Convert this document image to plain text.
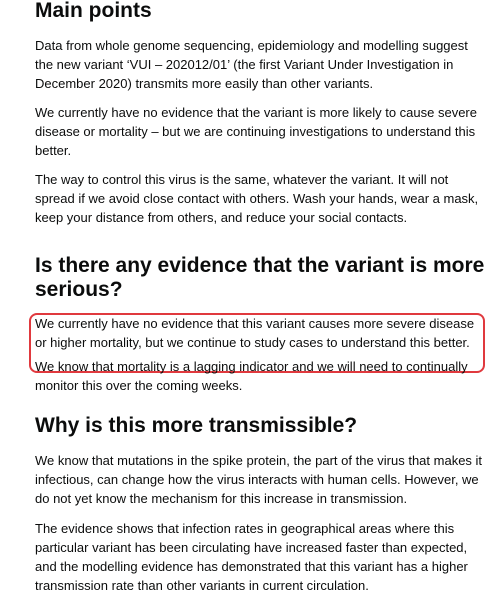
Main points

Data from whole genome sequencing, epidemiology and modelling suggest the new variant ‘VUI – 202012/01’ (the first Variant Under Investigation in December 2020) transmits more easily than other variants.

We currently have no evidence that the variant is more likely to cause severe disease or mortality – but we are continuing investigations to understand this better.

The way to control this virus is the same, whatever the variant. It will not spread if we avoid close contact with others. Wash your hands, wear a mask, keep your distance from others, and reduce your social contacts.

Is there any evidence that the variant is more serious?

We currently have no evidence that this variant causes more severe disease or higher mortality, but we continue to study cases to understand this better.

We know that mortality is a lagging indicator and we will need to continually monitor this over the coming weeks.

Why is this more transmissible?

We know that mutations in the spike protein, the part of the virus that makes it infectious, can change how the virus interacts with human cells. However, we do not yet know the mechanism for this increase in transmission.

The evidence shows that infection rates in geographical areas where this particular variant has been circulating have increased faster than expected, and the modelling evidence has demonstrated that this variant has a higher transmission rate than other variants in current circulation.
